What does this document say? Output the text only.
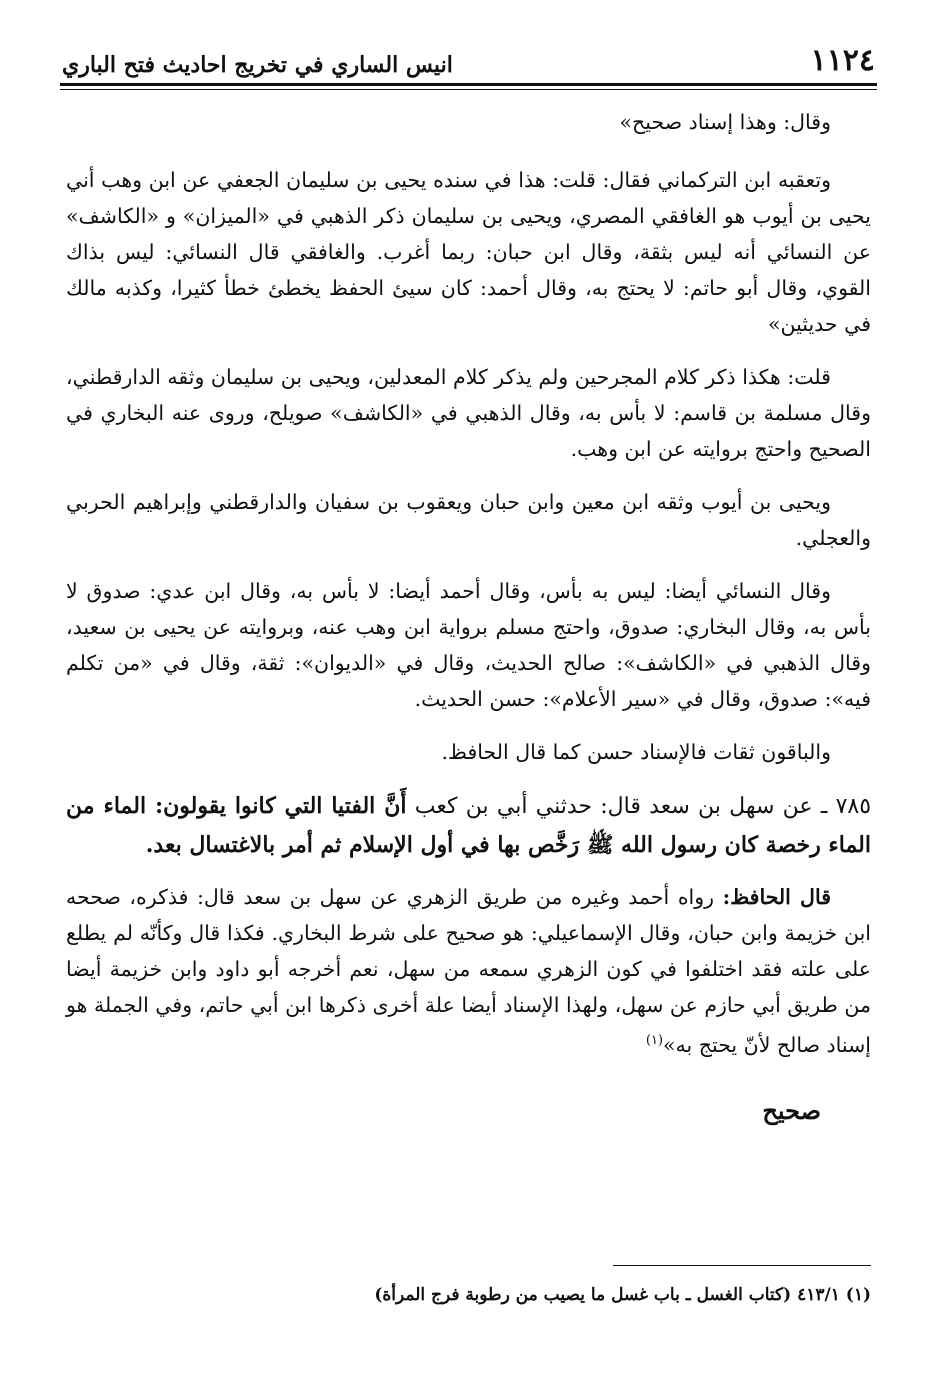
١١٢٤
انيس الساري في تخريج احاديث فتح الباري

وقال: وهذا إسناد صحيح»

وتعقبه ابن التركماني فقال: قلت: هذا في سنده يحيى بن سليمان الجعفي عن ابن وهب أني يحيى بن أيوب هو الغافقي المصري، ويحيى بن سليمان ذكر الذهبي في «الميزان» و «الكاشف» عن النسائي أنه ليس بثقة، وقال ابن حبان: ربما أغرب. والغافقي قال النسائي: ليس بذاك القوي، وقال أبو حاتم: لا يحتج به، وقال أحمد: كان سيئ الحفظ يخطئ خطأ كثيرا، وكذبه مالك في حديثين»

قلت: هكذا ذكر كلام المجرحين ولم يذكر كلام المعدلين، ويحيى بن سليمان وثقه الدارقطني، وقال مسلمة بن قاسم: لا بأس به، وقال الذهبي في «الكاشف» صويلح، وروى عنه البخاري في الصحيح واحتج بروايته عن ابن وهب.

ويحيى بن أيوب وثقه ابن معين وابن حبان ويعقوب بن سفيان والدارقطني وإبراهيم الحربي والعجلي.

وقال النسائي أيضا: ليس به بأس، وقال أحمد أيضا: لا بأس به، وقال ابن عدي: صدوق لا بأس به، وقال البخاري: صدوق، واحتج مسلم برواية ابن وهب عنه، وبروايته عن يحيى بن سعيد، وقال الذهبي في «الكاشف»: صالح الحديث، وقال في «الديوان»: ثقة، وقال في «من تكلم فيه»: صدوق، وقال في «سير الأعلام»: حسن الحديث.

والباقون ثقات فالإسناد حسن كما قال الحافظ.

٧٨٥ ـ عن سهل بن سعد قال: حدثني أبي بن كعب أَنَّ الفتيا التي كانوا يقولون: الماء من الماء رخصة كان رسول الله ﷺ رَخَّص بها في أول الإسلام ثم أمر بالاغتسال بعد.

قال الحافظ: رواه أحمد وغيره من طريق الزهري عن سهل بن سعد قال: فذكره، صححه ابن خزيمة وابن حبان، وقال الإسماعيلي: هو صحيح على شرط البخاري. فكذا قال وكأنّه لم يطلع على علته فقد اختلفوا في كون الزهري سمعه من سهل، نعم أخرجه أبو داود وابن خزيمة أيضا من طريق أبي حازم عن سهل، ولهذا الإسناد أيضا علة أخرى ذكرها ابن أبي حاتم، وفي الجملة هو إسناد صالح لأنّ يحتج به»$^{(١)}$

صحيح

(١) ٤١٣/١ (كتاب الغسل ـ باب غسل ما يصيب من رطوبة فرج المرأة)
